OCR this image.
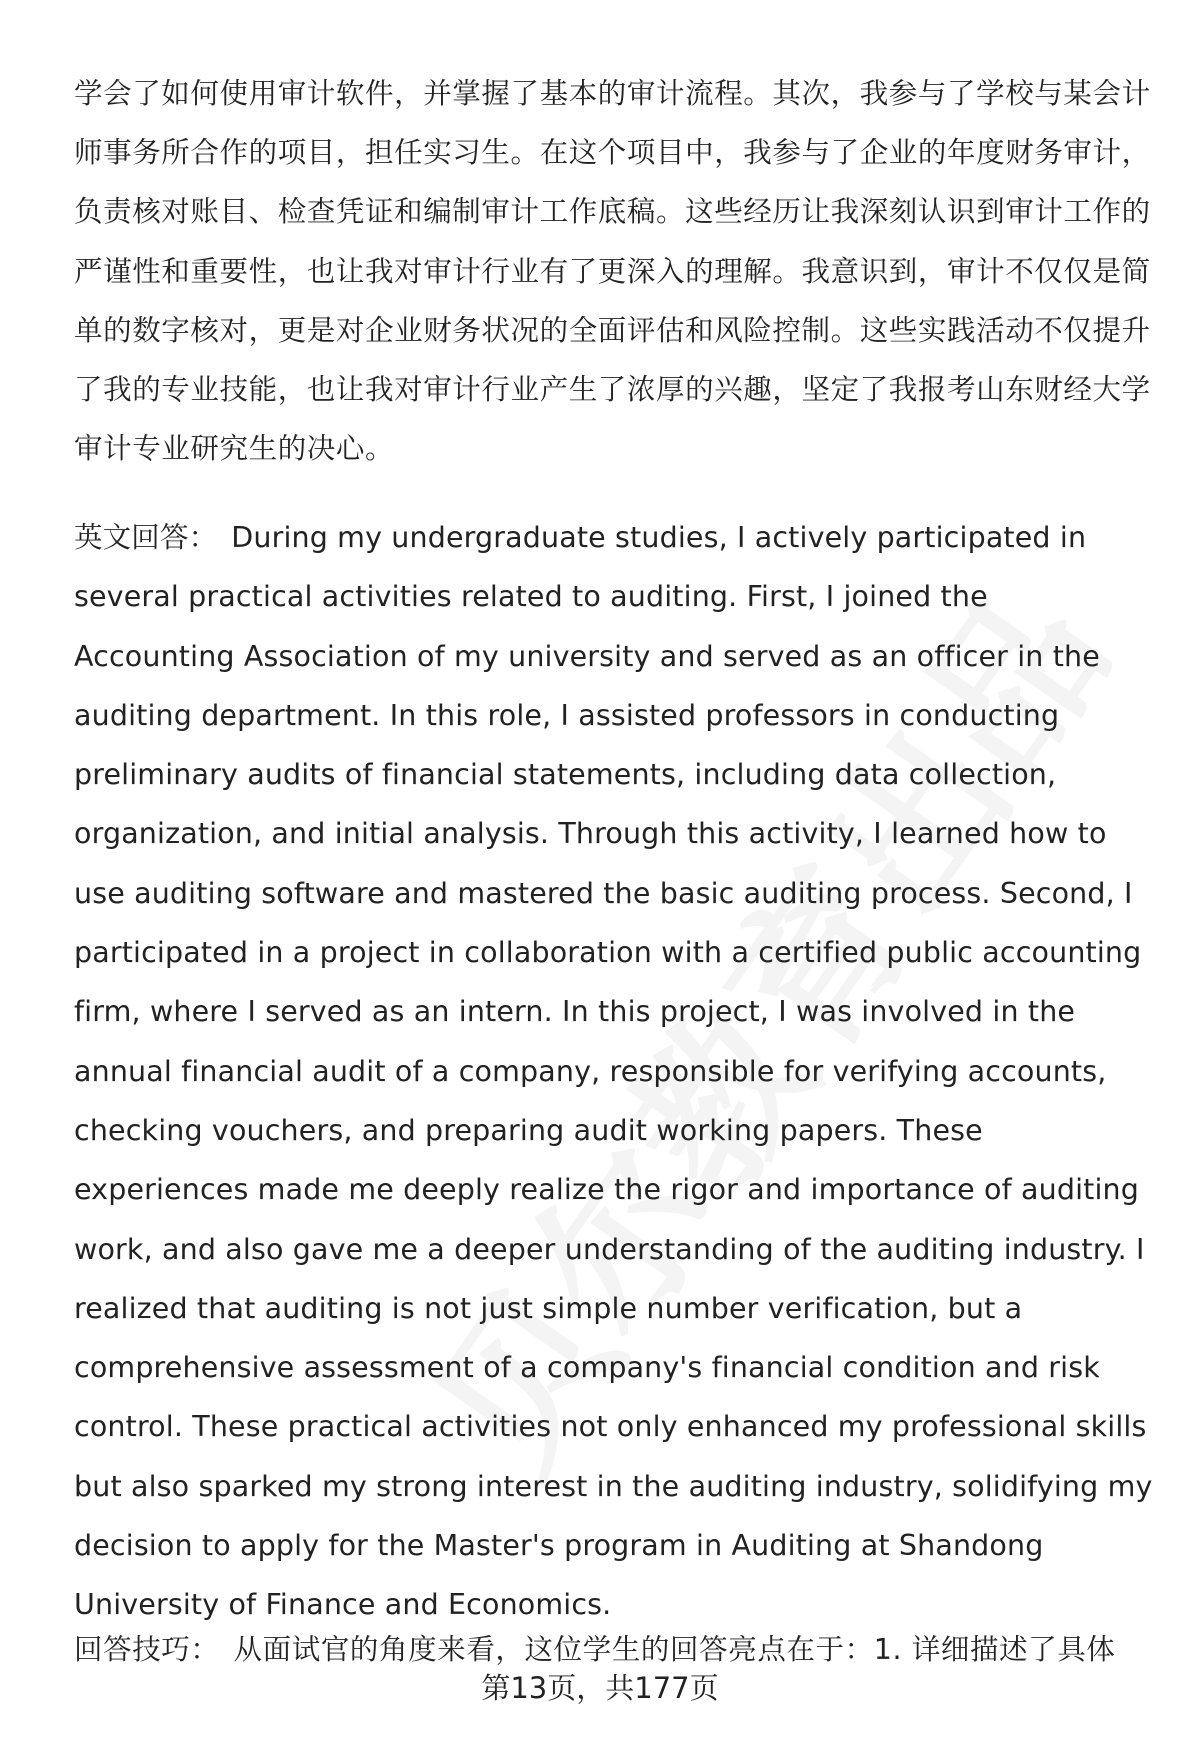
学会了如何使用审计软件，并掌握了基本的审计流程。其次，我参与了学校与某会计师事务所合作的项目，担任实习生。在这个项目中，我参与了企业的年度财务审计，负责核对账目、检查凭证和编制审计工作底稿。这些经历让我深刻认识到审计工作的严谨性和重要性，也让我对审计行业有了更深入的理解。我意识到，审计不仅仅是简单的数字核对，更是对企业财务状况的全面评估和风险控制。这些实践活动不仅提升了我的专业技能，也让我对审计行业产生了浓厚的兴趣，坚定了我报考山东财经大学审计专业研究生的决心。

英文回答： During my undergraduate studies, I actively participated in several practical activities related to auditing. First, I joined the Accounting Association of my university and served as an officer in the auditing department. In this role, I assisted professors in conducting preliminary audits of financial statements, including data collection, organization, and initial analysis. Through this activity, I learned how to use auditing software and mastered the basic auditing process. Second, I participated in a project in collaboration with a certified public accounting firm, where I served as an intern. In this project, I was involved in the annual financial audit of a company, responsible for verifying accounts, checking vouchers, and preparing audit working papers. These experiences made me deeply realize the rigor and importance of auditing work, and also gave me a deeper understanding of the auditing industry. I realized that auditing is not just simple number verification, but a comprehensive assessment of a company's financial condition and risk control. These practical activities not only enhanced my professional skills but also sparked my strong interest in the auditing industry, solidifying my decision to apply for the Master's program in Auditing at Shandong University of Finance and Economics.

回答技巧： 从面试官的角度来看，这位学生的回答亮点在于：1. 详细描述了具体

第13页，共177页
